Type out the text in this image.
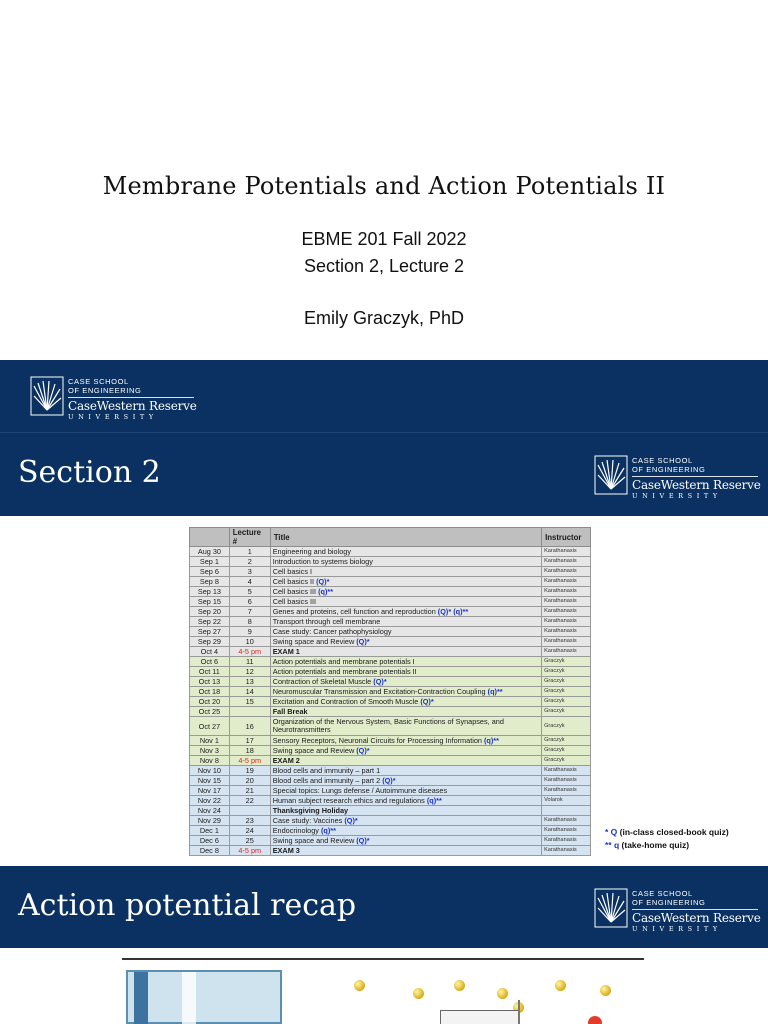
Membrane Potentials and Action Potentials II
EBME 201 Fall 2022
Section 2, Lecture 2
Emily Graczyk, PhD
CASE SCHOOL
OF ENGINEERING
CaseWestern Reserve
UNIVERSITY
Section 2	CASE SCHOOL
OF ENGINEERING
CaseWestern Reserve
UNIVERSITY
	Lecture #	Title	Instructor
Aug 30	1	Engineering and biology	Karathanasis
Sep 1	2	Introduction to systems biology	Karathanasis
Sep 6	3	Cell basics I	Karathanasis
Sep 8	4	Cell basics II (Q)*	Karathanasis
Sep 13	5	Cell basics III (q)**	Karathanasis
Sep 15	6	Cell basics III	Karathanasis
Sep 20	7	Genes and proteins, cell function and reproduction (Q)* (q)**	Karathanasis
Sep 22	8	Transport through cell membrane	Karathanasis
Sep 27	9	Case study: Cancer pathophysiology	Karathanasis
Sep 29	10	Swing space and Review (Q)*	Karathanasis
Oct 4	4-5 pm	EXAM 1	Karathanasis
Oct 6	11	Action potentials and membrane potentials I	Graczyk
Oct 11	12	Action potentials and membrane potentials II	Graczyk
Oct 13	13	Contraction of Skeletal Muscle (Q)*	Graczyk
Oct 18	14	Neuromuscular Transmission and Excitation-Contraction Coupling (q)**	Graczyk
Oct 20	15	Excitation and Contraction of Smooth Muscle (Q)*	Graczyk
Oct 25		Fall Break	Graczyk
Oct 27	16	Organization of the Nervous System, Basic Functions of Synapses, and Neurotransmitters	Graczyk
Nov 1	17	Sensory Receptors, Neuronal Circuits for Processing Information (q)**	Graczyk
Nov 3	18	Swing space and Review (Q)*	Graczyk
Nov 8	4-5 pm	EXAM 2	Graczyk
Nov 10	19	Blood cells and immunity – part 1	Karathanasis
Nov 15	20	Blood cells and immunity – part 2 (Q)*	Karathanasis
Nov 17	21	Special topics: Lungs defense / Autoimmune diseases	Karathanasis
Nov 22	22	Human subject research ethics and regulations (q)**	Volarok
Nov 24		Thanksgiving Holiday	
Nov 29	23	Case study: Vaccines (Q)*	Karathanasis
Dec 1	24	Endocrinology (q)**	Karathanasis
Dec 6	25	Swing space and Review (Q)*	Karathanasis
Dec 8	4-5 pm	EXAM 3	Karathanasis
* Q (in-class closed-book quiz)
** q (take-home quiz)
Action potential recap	CASE SCHOOL
OF ENGINEERING
CaseWestern Reserve
UNIVERSITY
